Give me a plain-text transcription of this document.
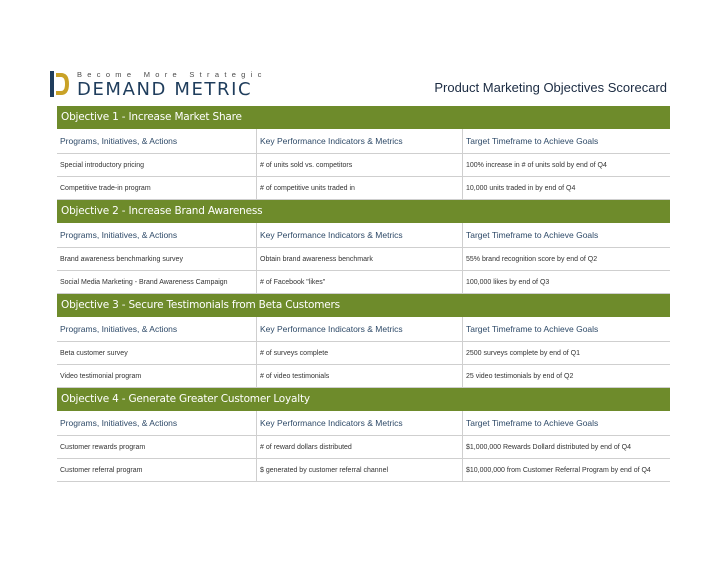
Become More Strategic
DEMAND METRIC	Product Marketing Objectives Scorecard
Objective 1 - Increase Market Share
Programs, Initiatives, & Actions	Key Performance Indicators & Metrics	Target Timeframe to Achieve Goals
Special introductory pricing	# of units sold vs. competitors	100% increase in # of units sold by end of Q4
Competitive trade-in program	# of competitive units traded in	10,000 units traded in by end of Q4
Objective 2 - Increase Brand Awareness
Programs, Initiatives, & Actions	Key Performance Indicators & Metrics	Target Timeframe to Achieve Goals
Brand awareness benchmarking survey	Obtain brand awareness benchmark	55% brand recognition score by end of Q2
Social Media Marketing - Brand Awareness Campaign	# of Facebook "likes"	100,000 likes by end of Q3
Objective 3 - Secure Testimonials from Beta Customers
Programs, Initiatives, & Actions	Key Performance Indicators & Metrics	Target Timeframe to Achieve Goals
Beta customer survey	# of surveys complete	2500 surveys complete by end of Q1
Video testimonial program	# of video testimonials	25 video testimonials by end of Q2
Objective 4 - Generate Greater Customer Loyalty
Programs, Initiatives, & Actions	Key Performance Indicators & Metrics	Target Timeframe to Achieve Goals
Customer rewards program	# of reward dollars distributed	$1,000,000 Rewards Dollard distributed by end of Q4
Customer referral program	$ generated by customer referral channel	$10,000,000 from Customer Referral Program by end of Q4
